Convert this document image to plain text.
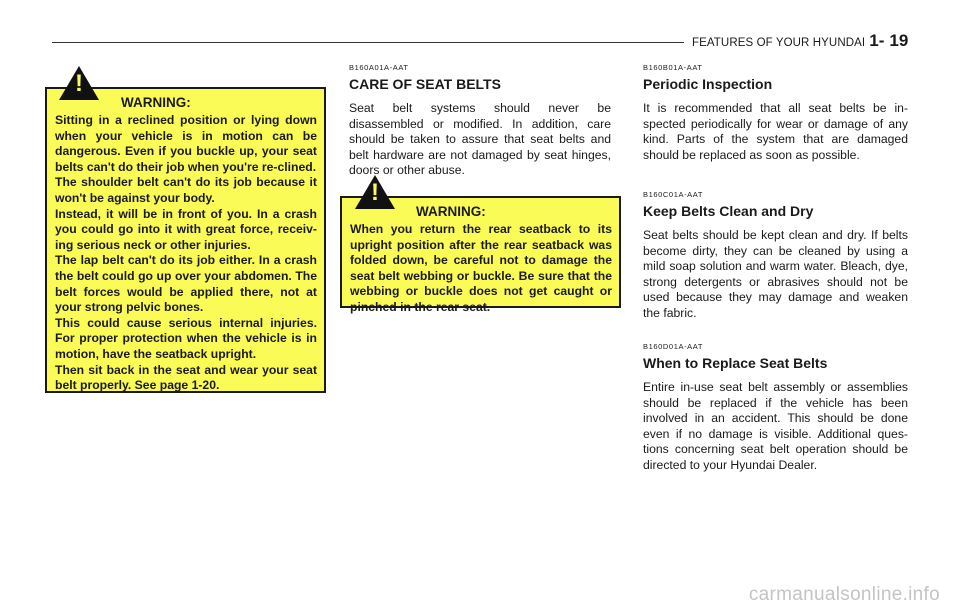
FEATURES OF YOUR HYUNDAI 1- 19
WARNING:
Sitting in a reclined position or lying down when your vehicle is in motion can be dangerous. Even if you buckle up, your seat belts can't do their job when you're re-clined.
The shoulder belt can't do its job because it won't be against your body.
Instead, it will be in front of you. In a crash you could go into it with great force, receiv-ing serious neck or other injuries.
The lap belt can't do its job either. In a crash the belt could go up over your abdomen. The belt forces would be applied there, not at your strong pelvic bones.
This could cause serious internal injuries. For proper protection when the vehicle is in motion, have the seatback upright.
Then sit back in the seat and wear your seat belt properly. See page 1-20.
!
B160A01A-AAT
CARE OF SEAT BELTS
Seat belt systems should never be disassembled or modified. In addition, care should be taken to assure that seat belts and belt hardware are not damaged by seat hinges, doors or other abuse.
WARNING:
When you return the rear seatback to its upright position after the rear seatback was folded down, be careful not to damage the seat belt webbing or buckle. Be sure that the webbing or buckle does not get caught or pinched in the rear seat.
!
B160B01A-AAT
Periodic Inspection
It is recommended that all seat belts be in-spected periodically for wear or damage of any kind. Parts of the system that are damaged should be replaced as soon as possible.
B160C01A-AAT
Keep Belts Clean and Dry
Seat belts should be kept clean and dry. If belts become dirty, they can be cleaned by using a mild soap solution and warm water. Bleach, dye, strong detergents or abrasives should not be used because they may damage and weaken the fabric.
B160D01A-AAT
When to Replace Seat Belts
Entire in-use seat belt assembly or assemblies should be replaced if the vehicle has been involved in an accident. This should be done even if no damage is visible. Additional ques-tions concerning seat belt operation should be directed to your Hyundai Dealer.
carmanualsonline.info
